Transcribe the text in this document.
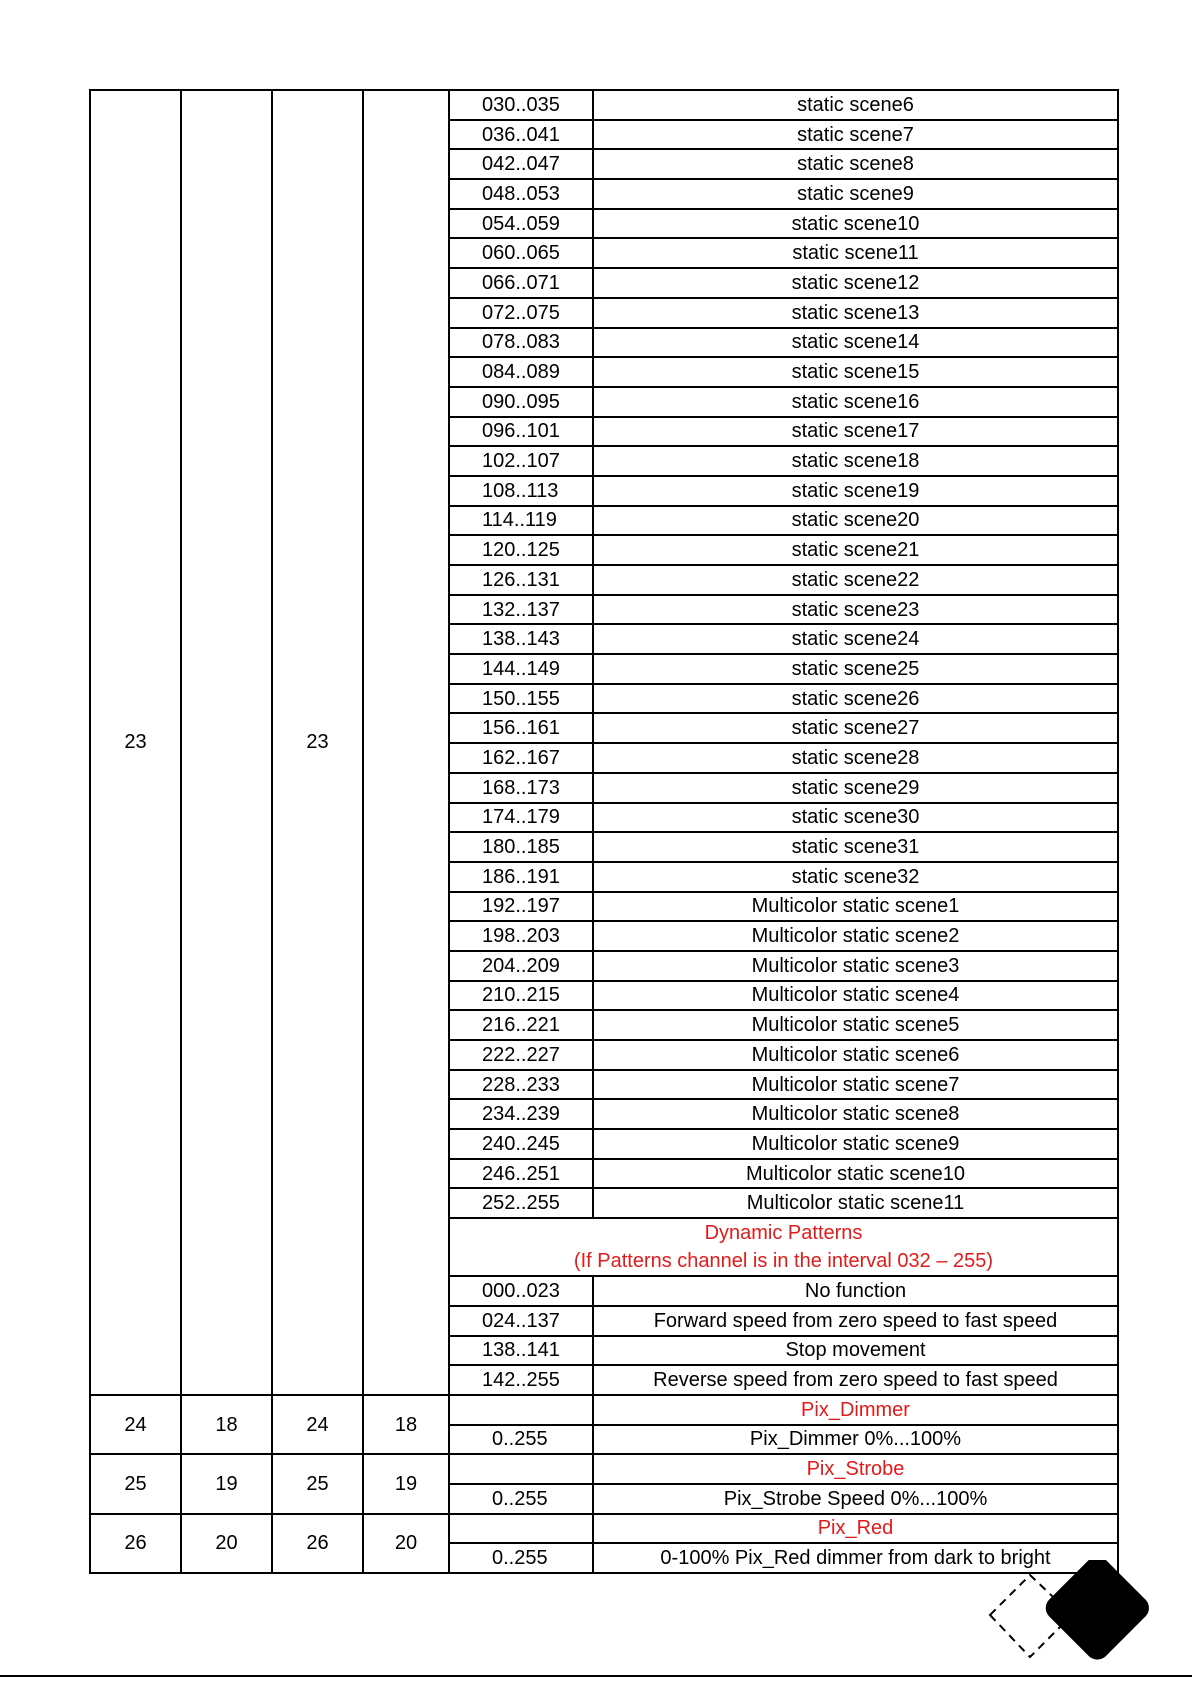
23		23		030..035	static scene6
				036..041	static scene7
				042..047	static scene8
				048..053	static scene9
				054..059	static scene10
				060..065	static scene11
				066..071	static scene12
				072..075	static scene13
				078..083	static scene14
				084..089	static scene15
				090..095	static scene16
				096..101	static scene17
				102..107	static scene18
				108..113	static scene19
				114..119	static scene20
				120..125	static scene21
				126..131	static scene22
				132..137	static scene23
				138..143	static scene24
				144..149	static scene25
				150..155	static scene26
				156..161	static scene27
				162..167	static scene28
				168..173	static scene29
				174..179	static scene30
				180..185	static scene31
				186..191	static scene32
				192..197	Multicolor static scene1
				198..203	Multicolor static scene2
				204..209	Multicolor static scene3
				210..215	Multicolor static scene4
				216..221	Multicolor static scene5
				222..227	Multicolor static scene6
				228..233	Multicolor static scene7
				234..239	Multicolor static scene8
				240..245	Multicolor static scene9
				246..251	Multicolor static scene10
				252..255	Multicolor static scene11

				Dynamic Patterns
(If Patterns channel is in the interval 032 – 255)	

				000..023	No function
				024..137	Forward speed from zero speed to fast speed
				138..141	Stop movement
				142..255	Reverse speed from zero speed to fast speed
24	18	24	18		Pix_Dimmer
				0..255	Pix_Dimmer 0%...100%
25	19	25	19		Pix_Strobe
				0..255	Pix_Strobe Speed 0%...100%
26	20	26	20		Pix_Red
				0..255	0-100% Pix_Red dimmer from dark to bright
